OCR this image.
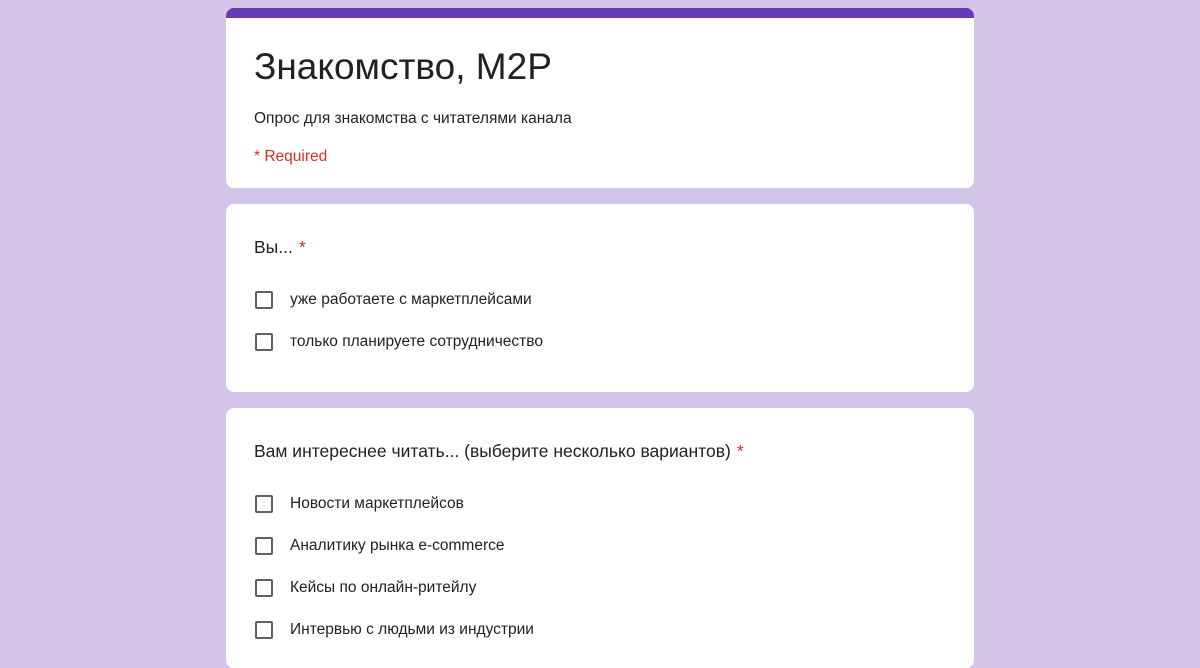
Знакомство, M2P
Опрос для знакомства с читателями канала
* Required
Вы... *
уже работаете с маркетплейсами
только планируете сотрудничество
Вам интереснее читать... (выберите несколько вариантов) *
Новости маркетплейсов
Аналитику рынка e-commerce
Кейсы по онлайн-ритейлу
Интервью с людьми из индустрии
